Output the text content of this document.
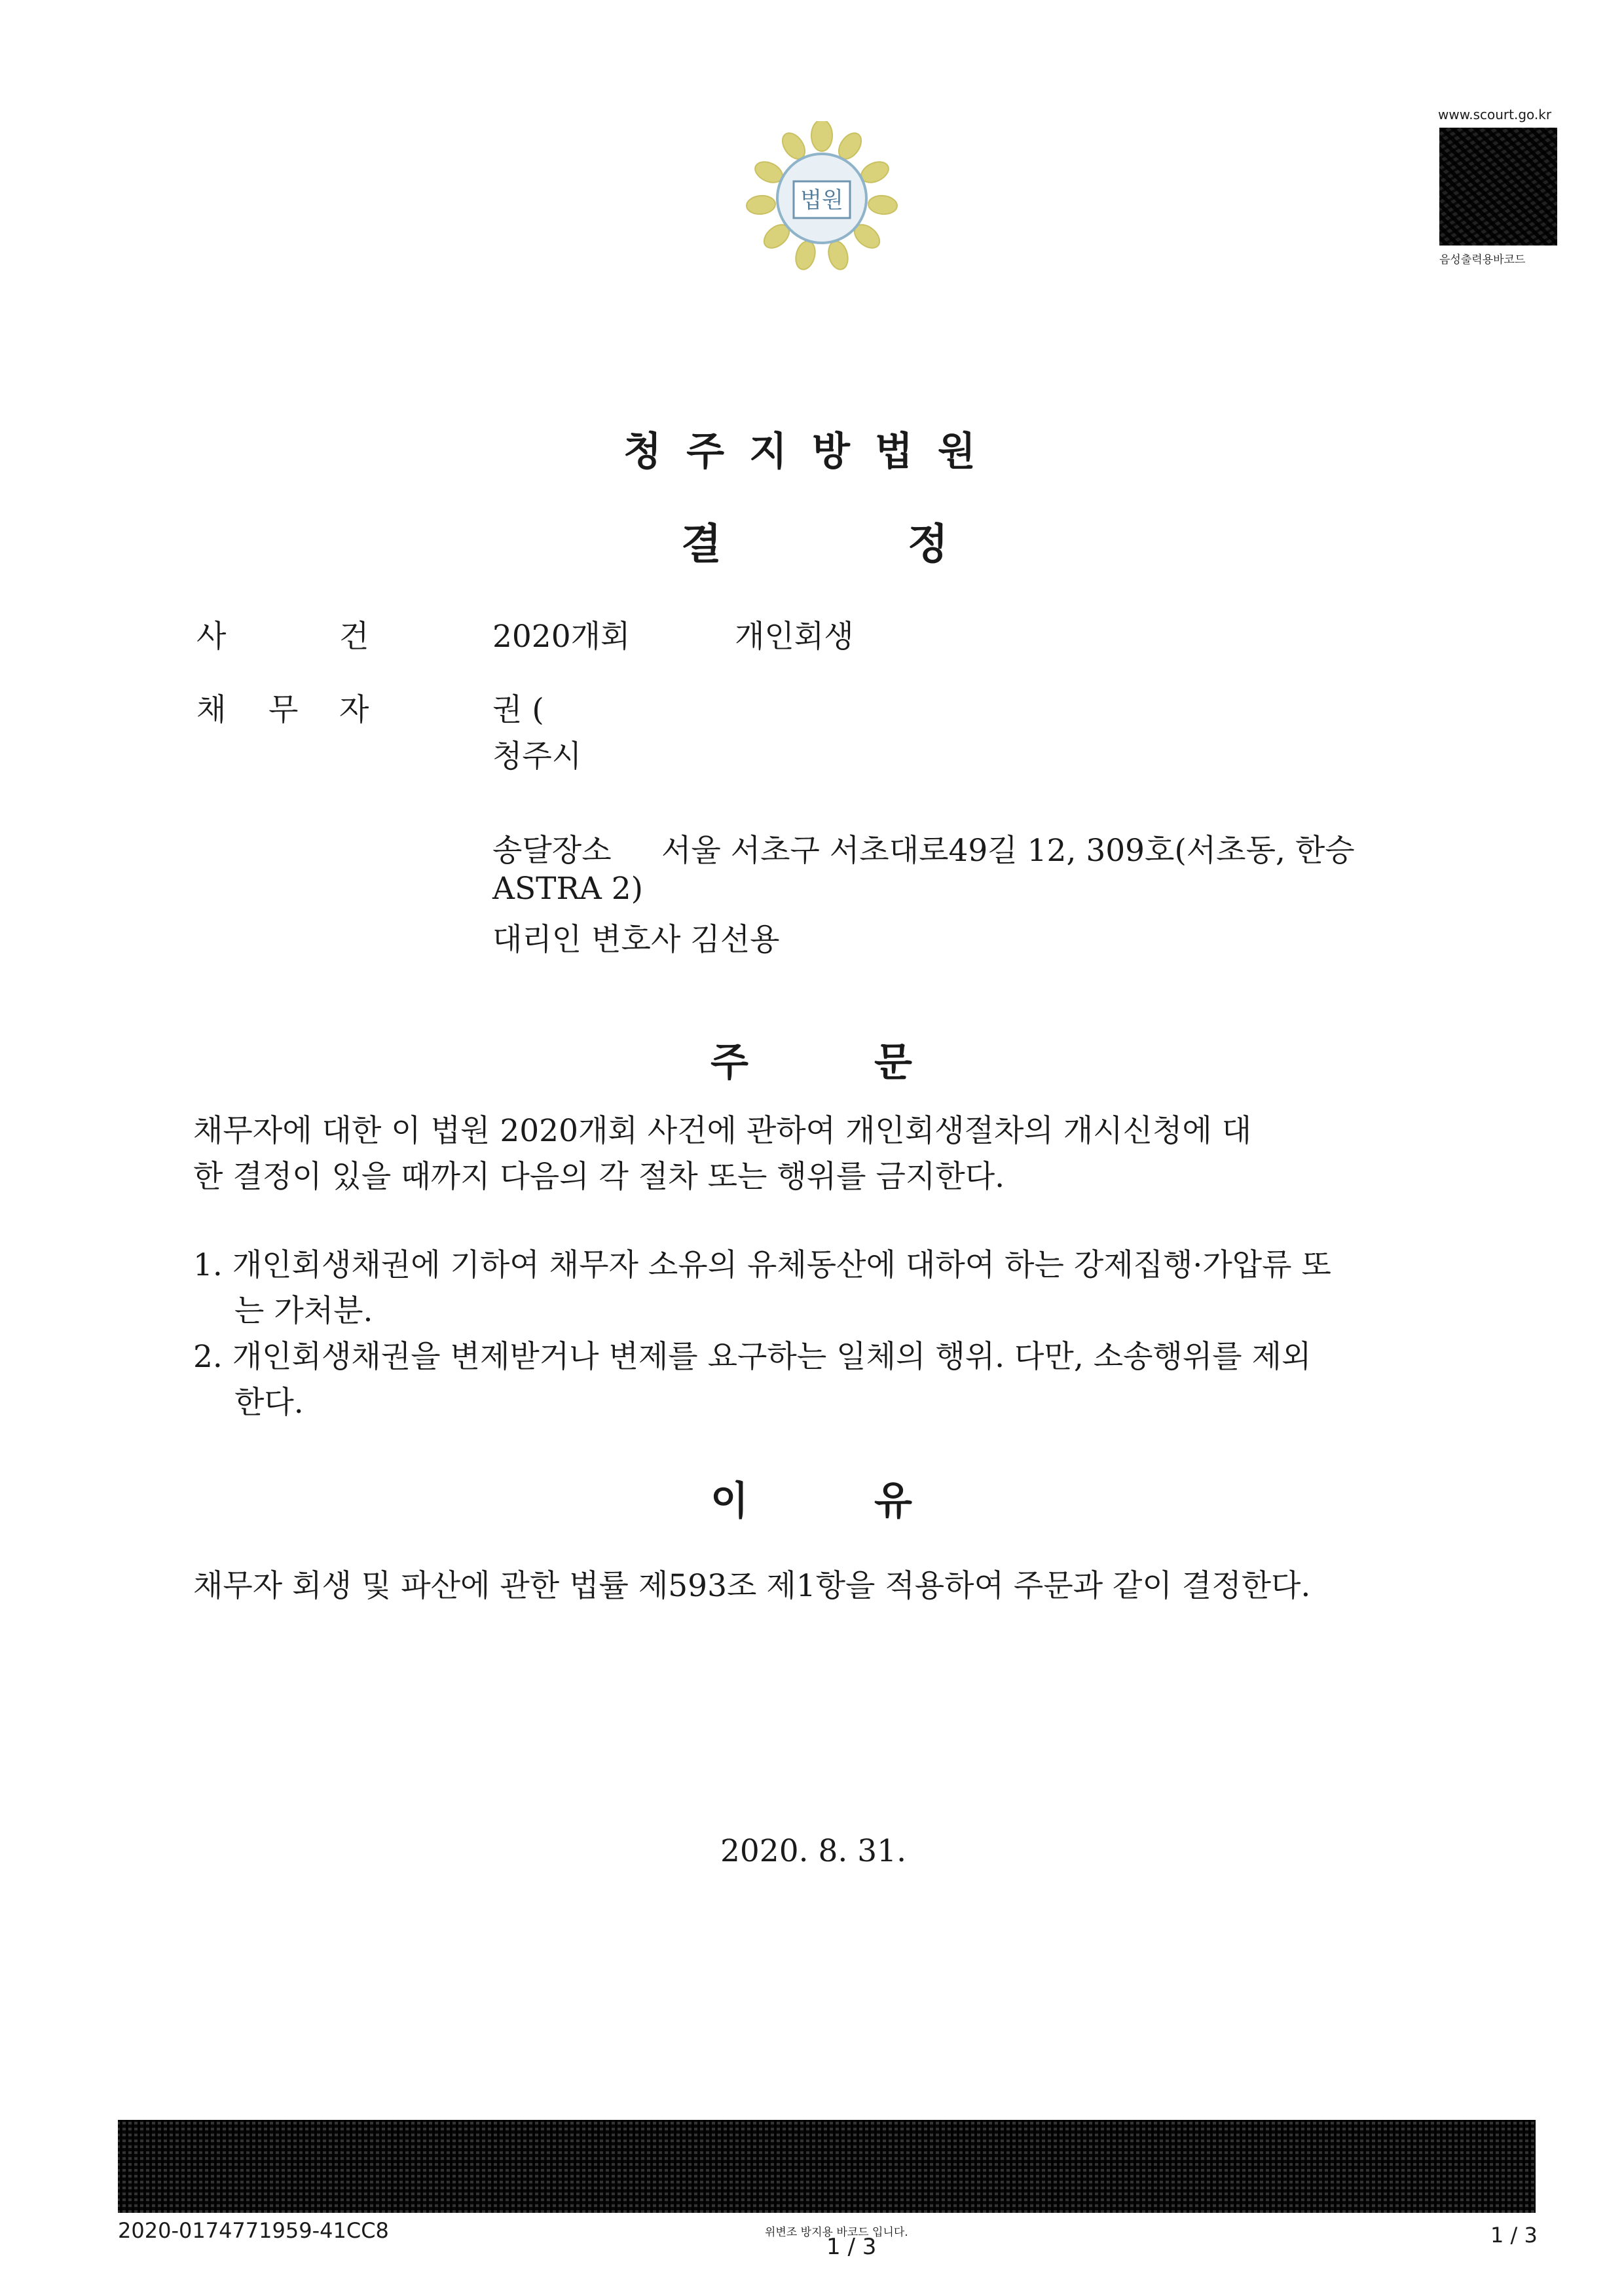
법원
www.scourt.go.kr
음성출력용바코드
청주지방법원
결	정
사	건	2020개회	개인회생
채 무 자	권 (
청주시
송달장소 서울 서초구 서초대로49길 12, 309호(서초동, 한승
ASTRA 2)
대리인 변호사 김선용
주	문
채무자에 대한 이 법원 2020개회 사건에 관하여 개인회생절차의 개시신청에 대
한 결정이 있을 때까지 다음의 각 절차 또는 행위를 금지한다.
1. 개인회생채권에 기하여 채무자 소유의 유체동산에 대하여 하는 강제집행·가압류 또
는 가처분.
2. 개인회생채권을 변제받거나 변제를 요구하는 일체의 행위. 다만, 소송행위를 제외
한다.
이	유
채무자 회생 및 파산에 관한 법률 제593조 제1항을 적용하여 주문과 같이 결정한다.
2020. 8. 31.
2020-0174771959-41CC8	위변조 방지용 바코드 입니다.
1 / 3	1 / 3
